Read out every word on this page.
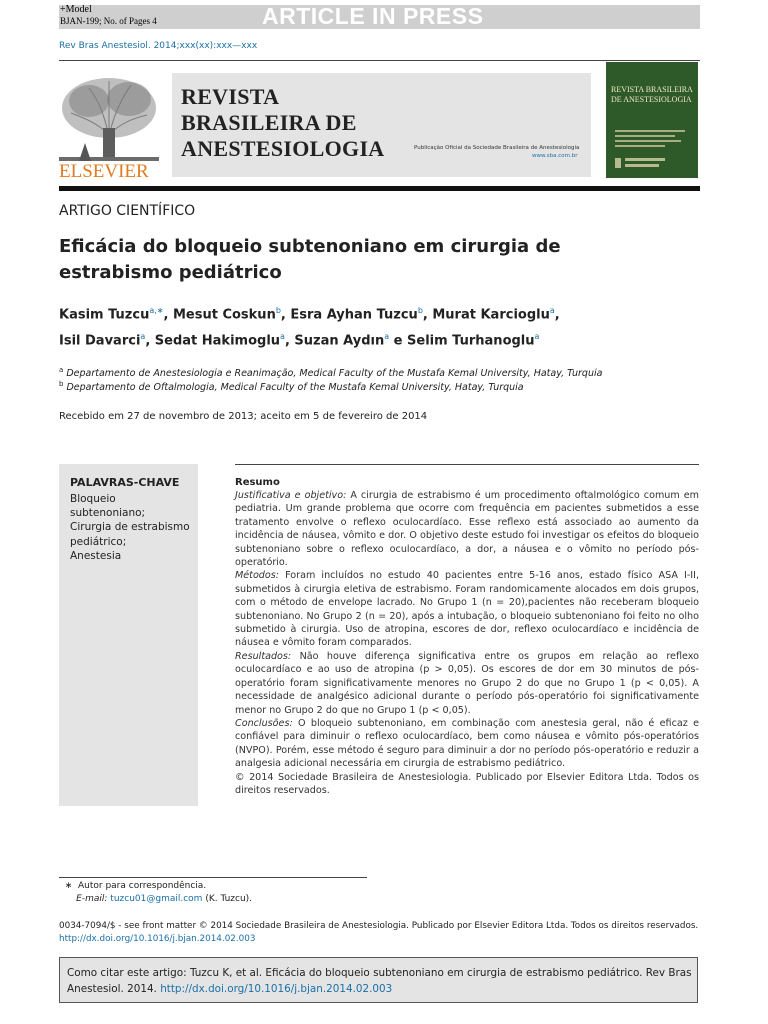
+Model
BJAN-199; No. of Pages 4	ARTICLE IN PRESS
Rev Bras Anestesiol. 2014;xxx(xx):xxx—xxx
ELSEVIER
REVISTA
BRASILEIRA DE
ANESTESIOLOGIA	Publicação Oficial da Sociedade Brasileira de Anestesiologia
www.sba.com.br
REVISTA BRASILEIRA DE ANESTESIOLOGIA
ARTIGO CIENTÍFICO
Eficácia do bloqueio subtenoniano em cirurgia de estrabismo pediátrico
Kasim Tuzcu$^{a,∗}$, Mesut Coskun$^b$, Esra Ayhan Tuzcu$^b$, Murat Karcioglu$^a$,
Isil Davarci$^a$, Sedat Hakimoglu$^a$, Suzan Aydın$^a$ e Selim Turhanoglu$^a$
$^a$ Departamento de Anestesiologia e Reanimação, Medical Faculty of the Mustafa Kemal University, Hatay, Turquia
$^b$ Departamento de Oftalmologia, Medical Faculty of the Mustafa Kemal University, Hatay, Turquia
Recebido em 27 de novembro de 2013; aceito em 5 de fevereiro de 2014
PALAVRAS-CHAVE
Bloqueio subtenoniano;
Cirurgia de estrabismo pediátrico;
Anestesia
Resumo

Justificativa e objetivo: A cirurgia de estrabismo é um procedimento oftalmológico comum em pediatria. Um grande problema que ocorre com frequência em pacientes submetidos a esse tratamento envolve o reflexo oculocardíaco. Esse reflexo está associado ao aumento da incidência de náusea, vômito e dor. O objetivo deste estudo foi investigar os efeitos do bloqueio subtenoniano sobre o reflexo oculocardíaco, a dor, a náusea e o vômito no período pós-operatório.

Métodos: Foram incluídos no estudo 40 pacientes entre 5-16 anos, estado físico ASA I-II, submetidos à cirurgia eletiva de estrabismo. Foram randomicamente alocados em dois grupos, com o método de envelope lacrado. No Grupo 1 (n = 20),pacientes não receberam bloqueio subtenoniano. No Grupo 2 (n = 20), após a intubação, o bloqueio subtenoniano foi feito no olho submetido à cirurgia. Uso de atropina, escores de dor, reflexo oculocardíaco e incidência de náusea e vômito foram comparados.

Resultados: Não houve diferença significativa entre os grupos em relação ao reflexo oculocardíaco e ao uso de atropina (p > 0,05). Os escores de dor em 30 minutos de pós-operatório foram significativamente menores no Grupo 2 do que no Grupo 1 (p < 0,05). A necessidade de analgésico adicional durante o período pós-operatório foi significativamente menor no Grupo 2 do que no Grupo 1 (p < 0,05).

Conclusões: O bloqueio subtenoniano, em combinação com anestesia geral, não é eficaz e confiável para diminuir o reflexo oculocardíaco, bem como náusea e vômito pós-operatórios (NVPO). Porém, esse método é seguro para diminuir a dor no período pós-operatório e reduzir a analgesia adicional necessária em cirurgia de estrabismo pediátrico.

© 2014 Sociedade Brasileira de Anestesiologia. Publicado por Elsevier Editora Ltda. Todos os direitos reservados.

∗  Autor para correspondência.
E-mail: tuzcu01@gmail.com (K. Tuzcu).
0034-7094/$ - see front matter © 2014 Sociedade Brasileira de Anestesiologia. Publicado por Elsevier Editora Ltda. Todos os direitos reservados.
http://dx.doi.org/10.1016/j.bjan.2014.02.003
Como citar este artigo: Tuzcu K, et al. Eficácia do bloqueio subtenoniano em cirurgia de estrabismo pediátrico. Rev Bras Anestesiol. 2014. http://dx.doi.org/10.1016/j.bjan.2014.02.003
